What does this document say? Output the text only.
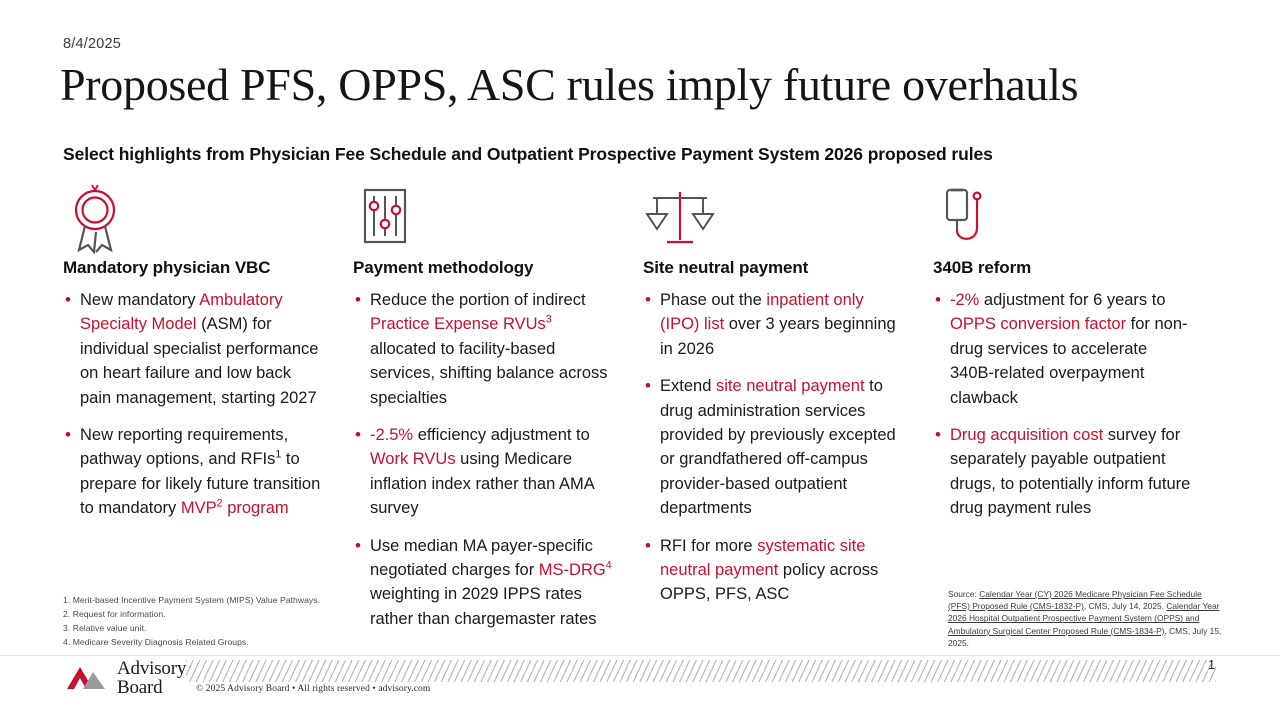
8/4/2025
Proposed PFS, OPPS, ASC rules imply future overhauls
Select highlights from Physician Fee Schedule and Outpatient Prospective Payment System 2026 proposed rules
Mandatory physician VBC
• New mandatory Ambulatory Specialty Model (ASM) for individual specialist performance on heart failure and low back pain management, starting 2027
• New reporting requirements, pathway options, and RFIs$^1$ to prepare for likely future transition to mandatory MVP$^2$ program
Payment methodology
• Reduce the portion of indirect Practice Expense RVUs$^3$ allocated to facility-based services, shifting balance across specialties
• -2.5% efficiency adjustment to Work RVUs using Medicare inflation index rather than AMA survey
• Use median MA payer-specific negotiated charges for MS-DRG$^4$ weighting in 2029 IPPS rates rather than chargemaster rates
Site neutral payment
• Phase out the inpatient only (IPO) list over 3 years beginning in 2026
• Extend site neutral payment to drug administration services provided by previously excepted or grandfathered off-campus provider-based outpatient departments
• RFI for more systematic site neutral payment policy across OPPS, PFS, ASC
340B reform
• -2% adjustment for 6 years to OPPS conversion factor for non-drug services to accelerate 340B-related overpayment clawback
• Drug acquisition cost survey for separately payable outpatient drugs, to potentially inform future drug payment rules
1. Merit-based Incentive Payment System (MIPS) Value Pathways.
2. Request for information.
3. Relative value unit.
4. Medicare Severity Diagnosis Related Groups.
Source: Calendar Year (CY) 2026 Medicare Physician Fee Schedule (PFS) Proposed Rule (CMS-1832-P), CMS, July 14, 2025. Calendar Year 2026 Hospital Outpatient Prospective Payment System (OPPS) and Ambulatory Surgical Center Proposed Rule (CMS-1834-P), CMS, July 15, 2025.
Advisory
Board	© 2025 Advisory Board • All rights reserved • advisory.com
1
